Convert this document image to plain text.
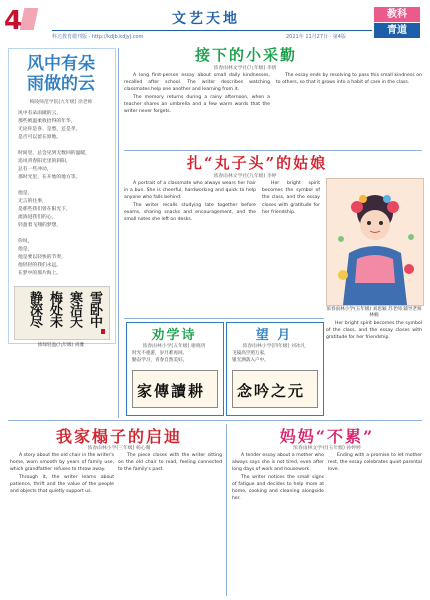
4	文艺天地
科达教育微刊版 · http://kdjb.kdjyj.com	2021年 11月27日 · 第4版
教科
青道
风中有朵
雨做的云
梅陵师范学院(九年级) 徐老师
风中有朵雨做的云，
那些被温柔收拾得的年华，
无论你是喜、是愁，还是孝，
是否可以留在原地，
时间里，总会见到无数回的温暖，
追岚青春阳光里的斜阳，
总有一些冲动，
那时光里，在开始的地方等。
他是，
无言的往事，
是那些我们曾在阳光下，
流淌进我们的心，
轻盈着飞翔的梦想，
你说，
他是，
他是要以轻快的节奏，
他轻轻的我们永远，
在梦中的那片海上。
雪卧中
寒洁天
梅处未
静深尽
浓绿轻盈(九年级) 尚雅
接下的小采勤
浓春雨林文学社(九年级) 李倩

A long first-person essay about small daily kindnesses, recalled after school. The writer describes watching classmates help one another and learning from it.

The memory returns during a rainy afternoon, when a teacher shares an umbrella and a few warm words that the writer never forgets.

The essay ends by resolving to pass this small kindness on to others, so that it grows into a habit of care in the class.

扎“丸子头”的姑娘
浓春雨林文学社(九年级) 李婷

A portrait of a classmate who always wears her hair in a bun. She is cheerful, hardworking and quick to help anyone who falls behind.

The writer recalls studying late together before exams, sharing snacks and encouragement, and the small notes she left on desks.

Her bright spirit becomes the symbol of the class, and the essay closes with gratitude for her friendship.

浓春雨林小学(五年级) 刘思颖 苏老师 辅导老师 林楠
劝学诗
浓春雨林小学(五年级) 谢晓玥
时光不重游，岁月难再回。
勤奋学习，青春自然美好。
家傳讀耕
望 月
浓春雨林小学(四年级) 刘冰凡
飞镜高空照万家，
银光洒落入户中。
念吟之元

Her bright spirit becomes the symbol of the class, and the essay closes with gratitude for her friendship.

我家榻子的启迪
浓春雨林小学(三年级) 杨心馨

A story about the old chair in the writer's home, worn smooth by years of family use, which grandfather refuses to throw away.

Through it, the writer learns about patience, thrift and the value of the people and objects that quietly support us.

The piece closes with the writer sitting on the old chair to read, feeling connected to the family's past.

妈妈“不累”
浓春雨林文学社(五年级) 孙婷婷

A tender essay about a mother who always says she is not tired, even after long days of work and housework.

The writer notices the small signs of fatigue and decides to help more at home, cooking and cleaning alongside her.

Ending with a promise to let mother rest, the essay celebrates quiet parental love.
